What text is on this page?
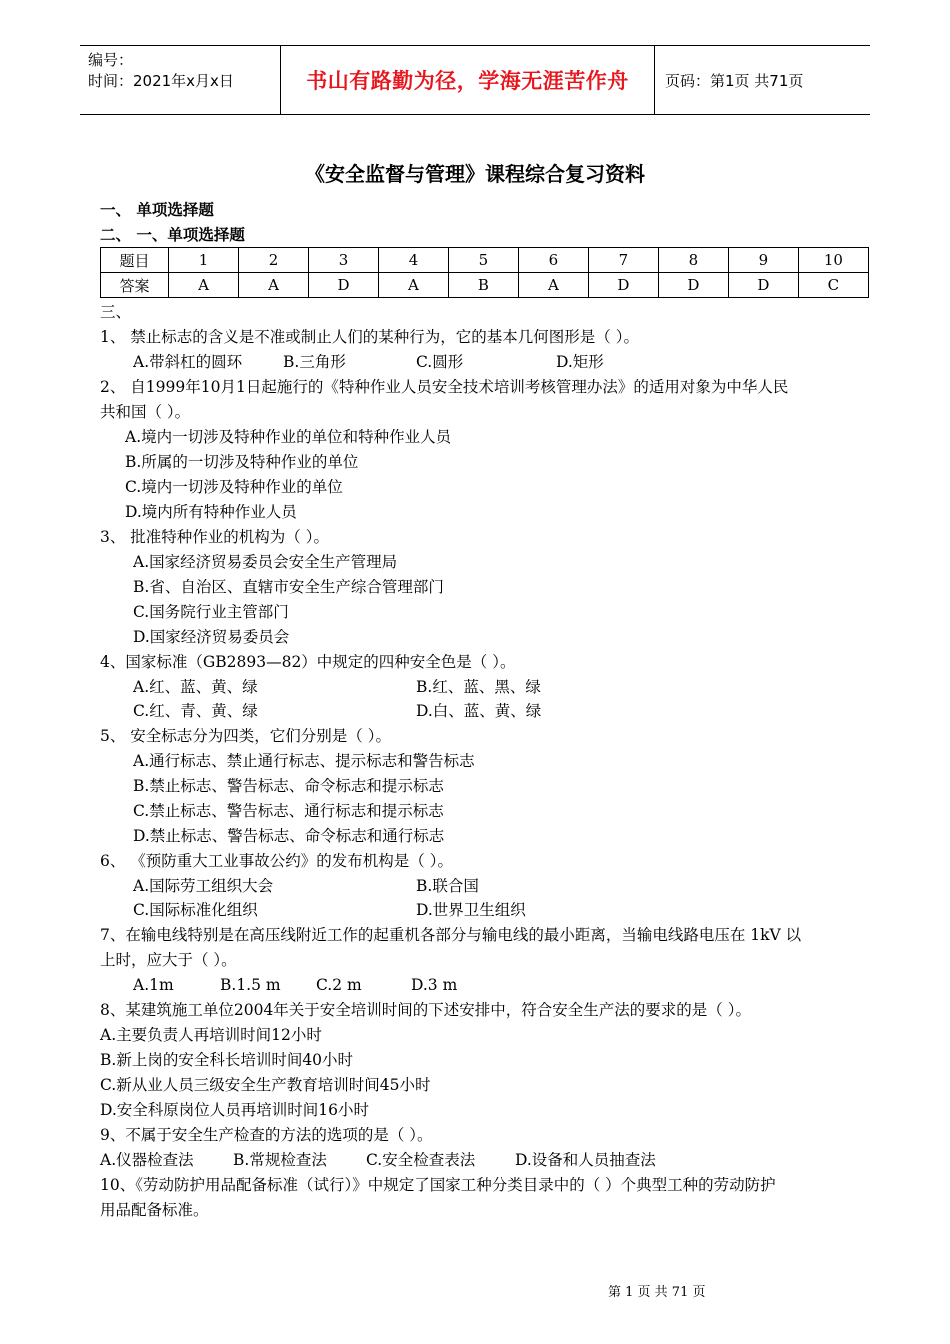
编号：
时间：2021年x月x日	书山有路勤为径，学海无涯苦作舟	页码：第1页 共71页
《安全监督与管理》课程综合复习资料
一、 单项选择题
二、 一、单项选择题
题目	1	2	3	4	5	6	7	8	9	10
答案	A	A	D	A	B	A	D	D	D	C
三、
1、 禁止标志的含义是不准或制止人们的某种行为，它的基本几何图形是（ ）。
A.带斜杠的圆环	B.三角形	C.圆形	D.矩形
2、 自1999年10月1日起施行的《特种作业人员安全技术培训考核管理办法》的适用对象为中华人民
共和国（ ）。
A.境内一切涉及特种作业的单位和特种作业人员
B.所属的一切涉及特种作业的单位
C.境内一切涉及特种作业的单位
D.境内所有特种作业人员
3、 批准特种作业的机构为（ ）。
A.国家经济贸易委员会安全生产管理局
B.省、自治区、直辖市安全生产综合管理部门
C.国务院行业主管部门
D.国家经济贸易委员会
4、国家标准（GB2893—82）中规定的四种安全色是（ ）。
A.红、蓝、黄、绿	B.红、蓝、黑、绿
C.红、青、黄、绿	D.白、蓝、黄、绿
5、 安全标志分为四类，它们分别是（ ）。
A.通行标志、禁止通行标志、提示标志和警告标志
B.禁止标志、警告标志、命令标志和提示标志
C.禁止标志、警告标志、通行标志和提示标志
D.禁止标志、警告标志、命令标志和通行标志
6、 《预防重大工业事故公约》的发布机构是（ ）。
A.国际劳工组织大会	B.联合国
C.国际标准化组织	D.世界卫生组织
7、在输电线特别是在高压线附近工作的起重机各部分与输电线的最小距离，当输电线路电压在 1kV 以
上时，应大于（ ）。
A.1m	B.1.5 m C.2 m	D.3 m
8、某建筑施工单位2004年关于安全培训时间的下述安排中，符合安全生产法的要求的是（ ）。
A.主要负责人再培训时间12小时
B.新上岗的安全科长培训时间40小时
C.新从业人员三级安全生产教育培训时间45小时
D.安全科原岗位人员再培训时间16小时
9、不属于安全生产检查的方法的选项的是（ ）。
A.仪器检查法	B.常规检查法	C.安全检查表法	D.设备和人员抽查法
10、《劳动防护用品配备标准（试行）》中规定了国家工种分类目录中的（ ）个典型工种的劳动防护
用品配备标准。
第 1 页 共 71 页
